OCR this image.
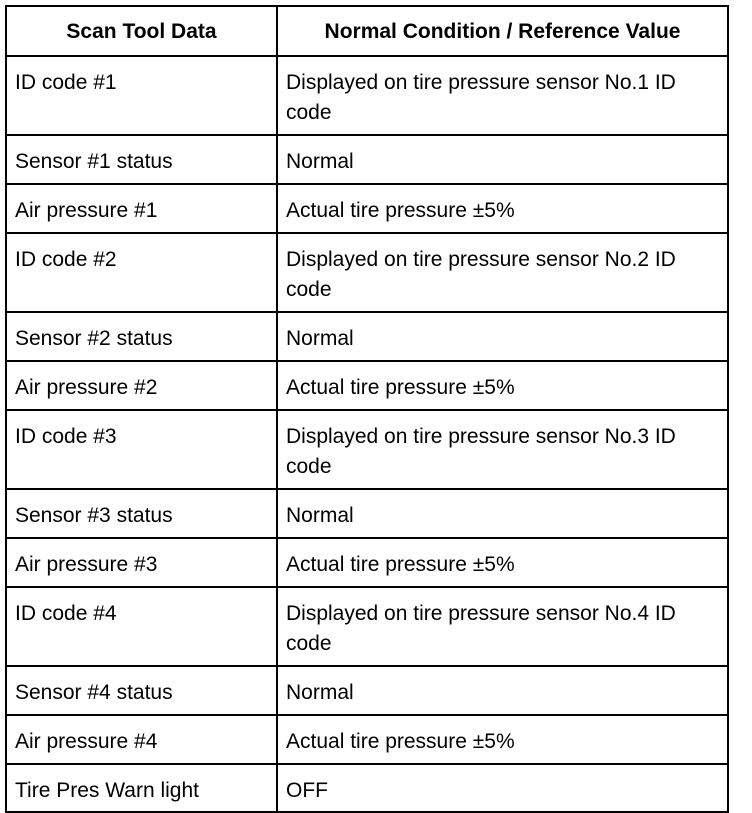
Scan Tool Data	Normal Condition / Reference Value
ID code #1	Displayed on tire pressure sensor No.1 ID code
Sensor #1 status	Normal
Air pressure #1	Actual tire pressure ±5%
ID code #2	Displayed on tire pressure sensor No.2 ID code
Sensor #2 status	Normal
Air pressure #2	Actual tire pressure ±5%
ID code #3	Displayed on tire pressure sensor No.3 ID code
Sensor #3 status	Normal
Air pressure #3	Actual tire pressure ±5%
ID code #4	Displayed on tire pressure sensor No.4 ID code
Sensor #4 status	Normal
Air pressure #4	Actual tire pressure ±5%
Tire Pres Warn light	OFF
